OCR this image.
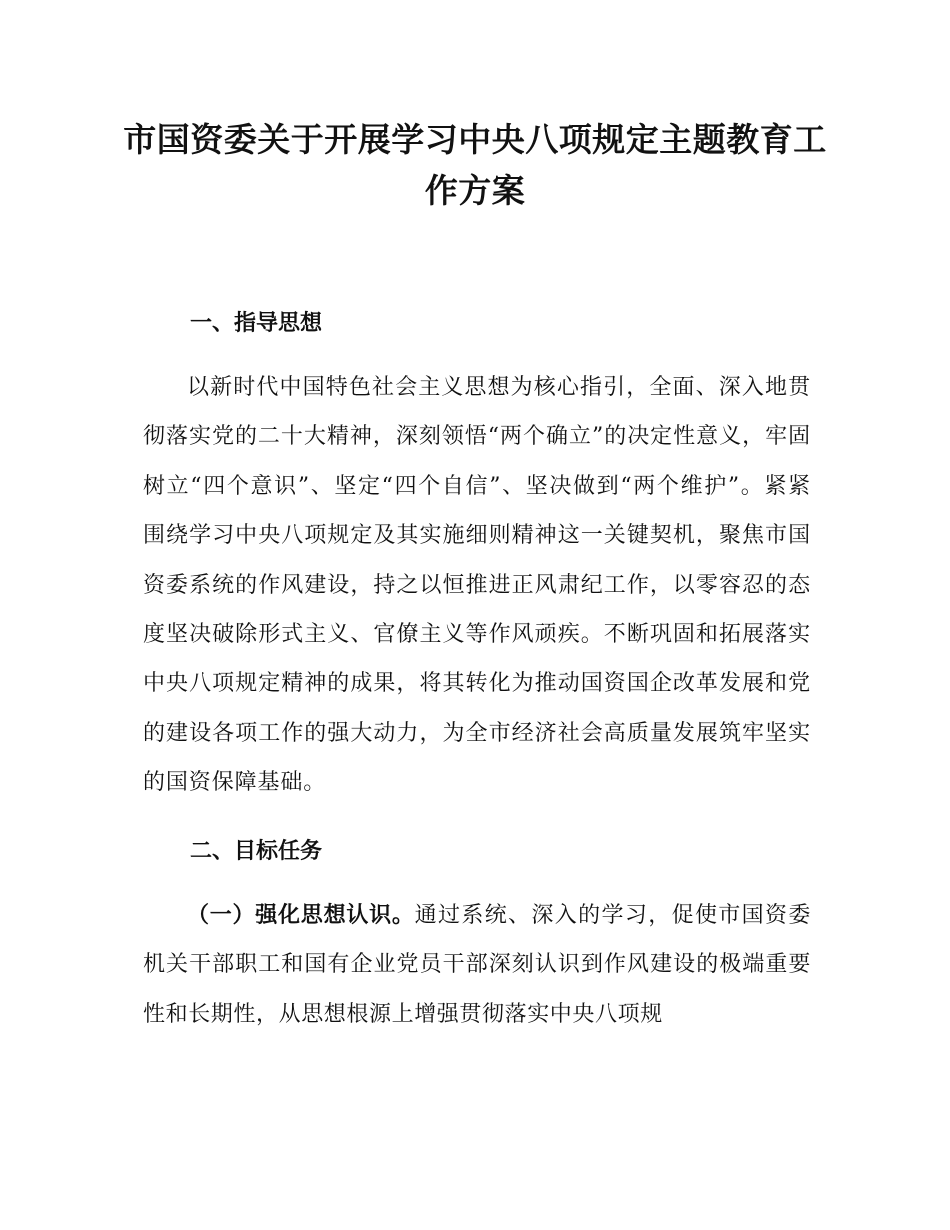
市国资委关于开展学习中央八项规定主题教育工作方案
一、指导思想

以新时代中国特色社会主义思想为核心指引，全面、深入地贯彻落实党的二十大精神，深刻领悟“两个确立”的决定性意义，牢固树立“四个意识”、坚定“四个自信”、坚决做到“两个维护”。紧紧围绕学习中央八项规定及其实施细则精神这一关键契机，聚焦市国资委系统的作风建设，持之以恒推进正风肃纪工作，以零容忍的态度坚决破除形式主义、官僚主义等作风顽疾。不断巩固和拓展落实中央八项规定精神的成果，将其转化为推动国资国企改革发展和党的建设各项工作的强大动力，为全市经济社会高质量发展筑牢坚实的国资保障基础。

二、目标任务

（一）强化思想认识。通过系统、深入的学习，促使市国资委机关干部职工和国有企业党员干部深刻认识到作风建设的极端重要性和长期性，从思想根源上增强贯彻落实中央八项规
